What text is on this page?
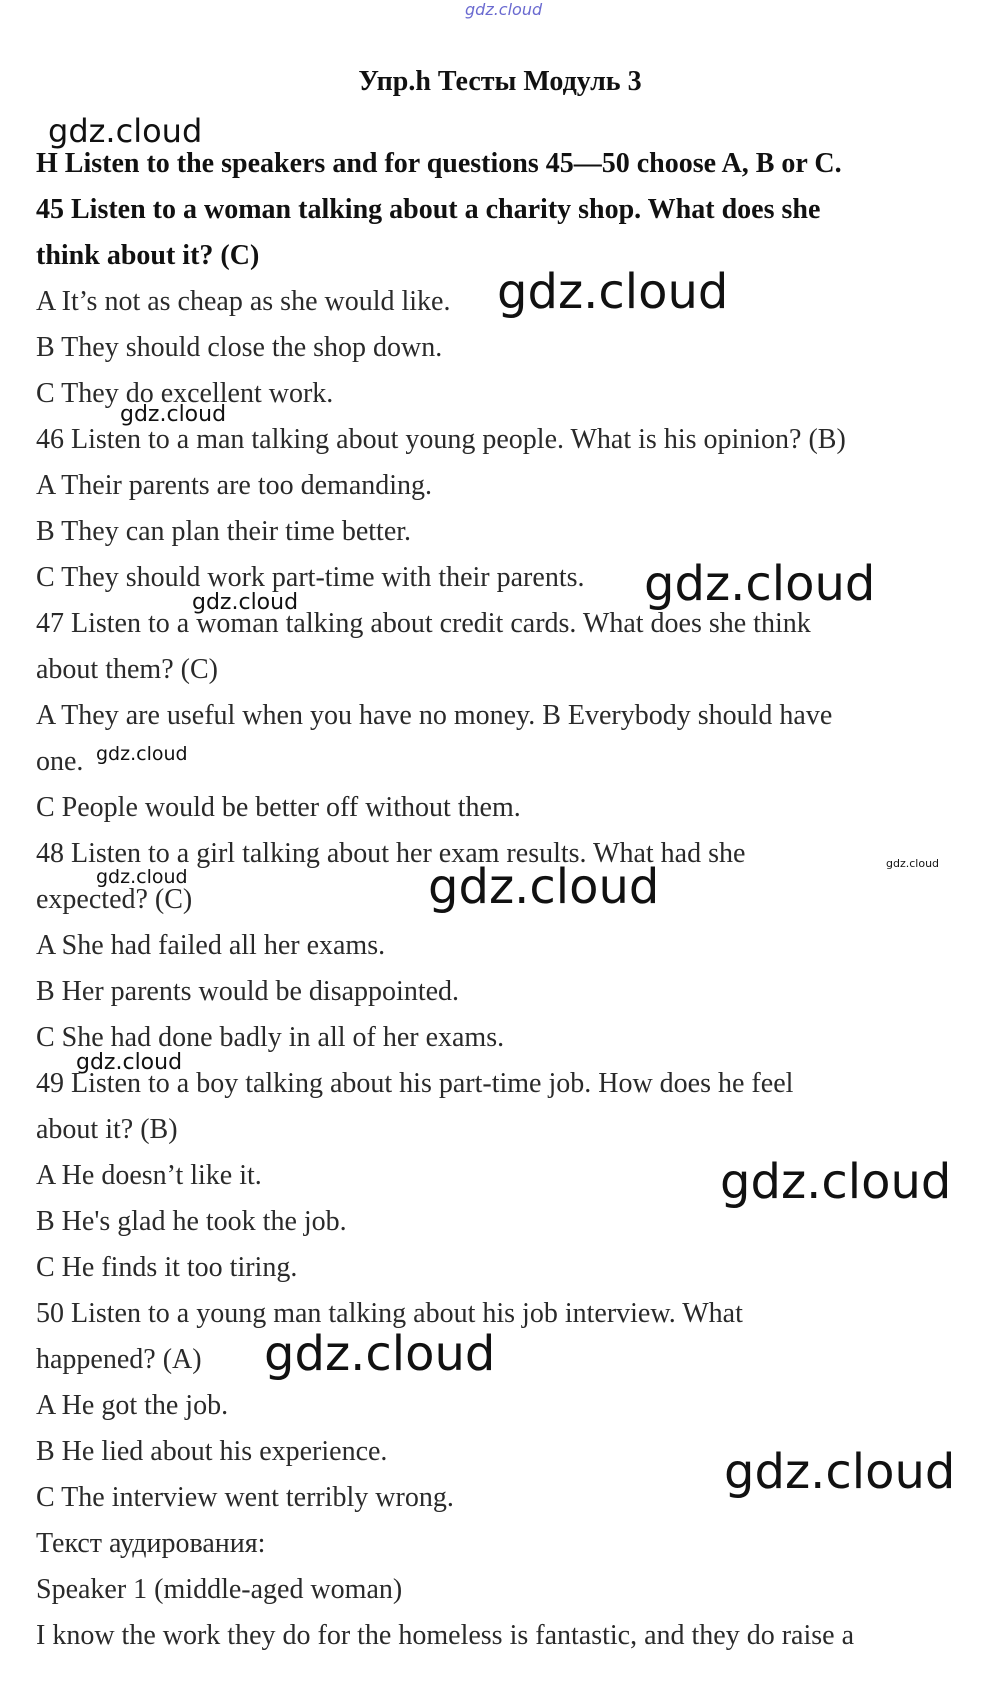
gdz.cloud
Упр.h Тесты Модуль 3
H Listen to the speakers and for questions 45—50 choose A, B or C.
45 Listen to a woman talking about a charity shop. What does she
think about it? (C)
A It’s not as cheap as she would like.
B They should close the shop down.
C They do excellent work.
46 Listen to a man talking about young people. What is his opinion? (B)
A Their parents are too demanding.
B They can plan their time better.
C They should work part-time with their parents.
47 Listen to a woman talking about credit cards. What does she think
about them? (C)
A They are useful when you have no money. B Everybody should have
one.
C People would be better off without them.
48 Listen to a girl talking about her exam results. What had she
expected? (C)
A She had failed all her exams.
B Her parents would be disappointed.
C She had done badly in all of her exams.
49 Listen to a boy talking about his part-time job. How does he feel
about it? (B)
A He doesn’t like it.
B He's glad he took the job.
C He finds it too tiring.
50 Listen to a young man talking about his job interview. What
happened? (A)
A He got the job.
B He lied about his experience.
C The interview went terribly wrong.
Текст аудирования:
Speaker 1 (middle-aged woman)
I know the work they do for the homeless is fantastic, and they do raise a
gdz.cloud
gdz.cloud
gdz.cloud
gdz.cloud
gdz.cloud
gdz.cloud
gdz.cloud
gdz.cloud	gdz.cloud
gdz.cloud
gdz.cloud
gdz.cloud
gdz.cloud
